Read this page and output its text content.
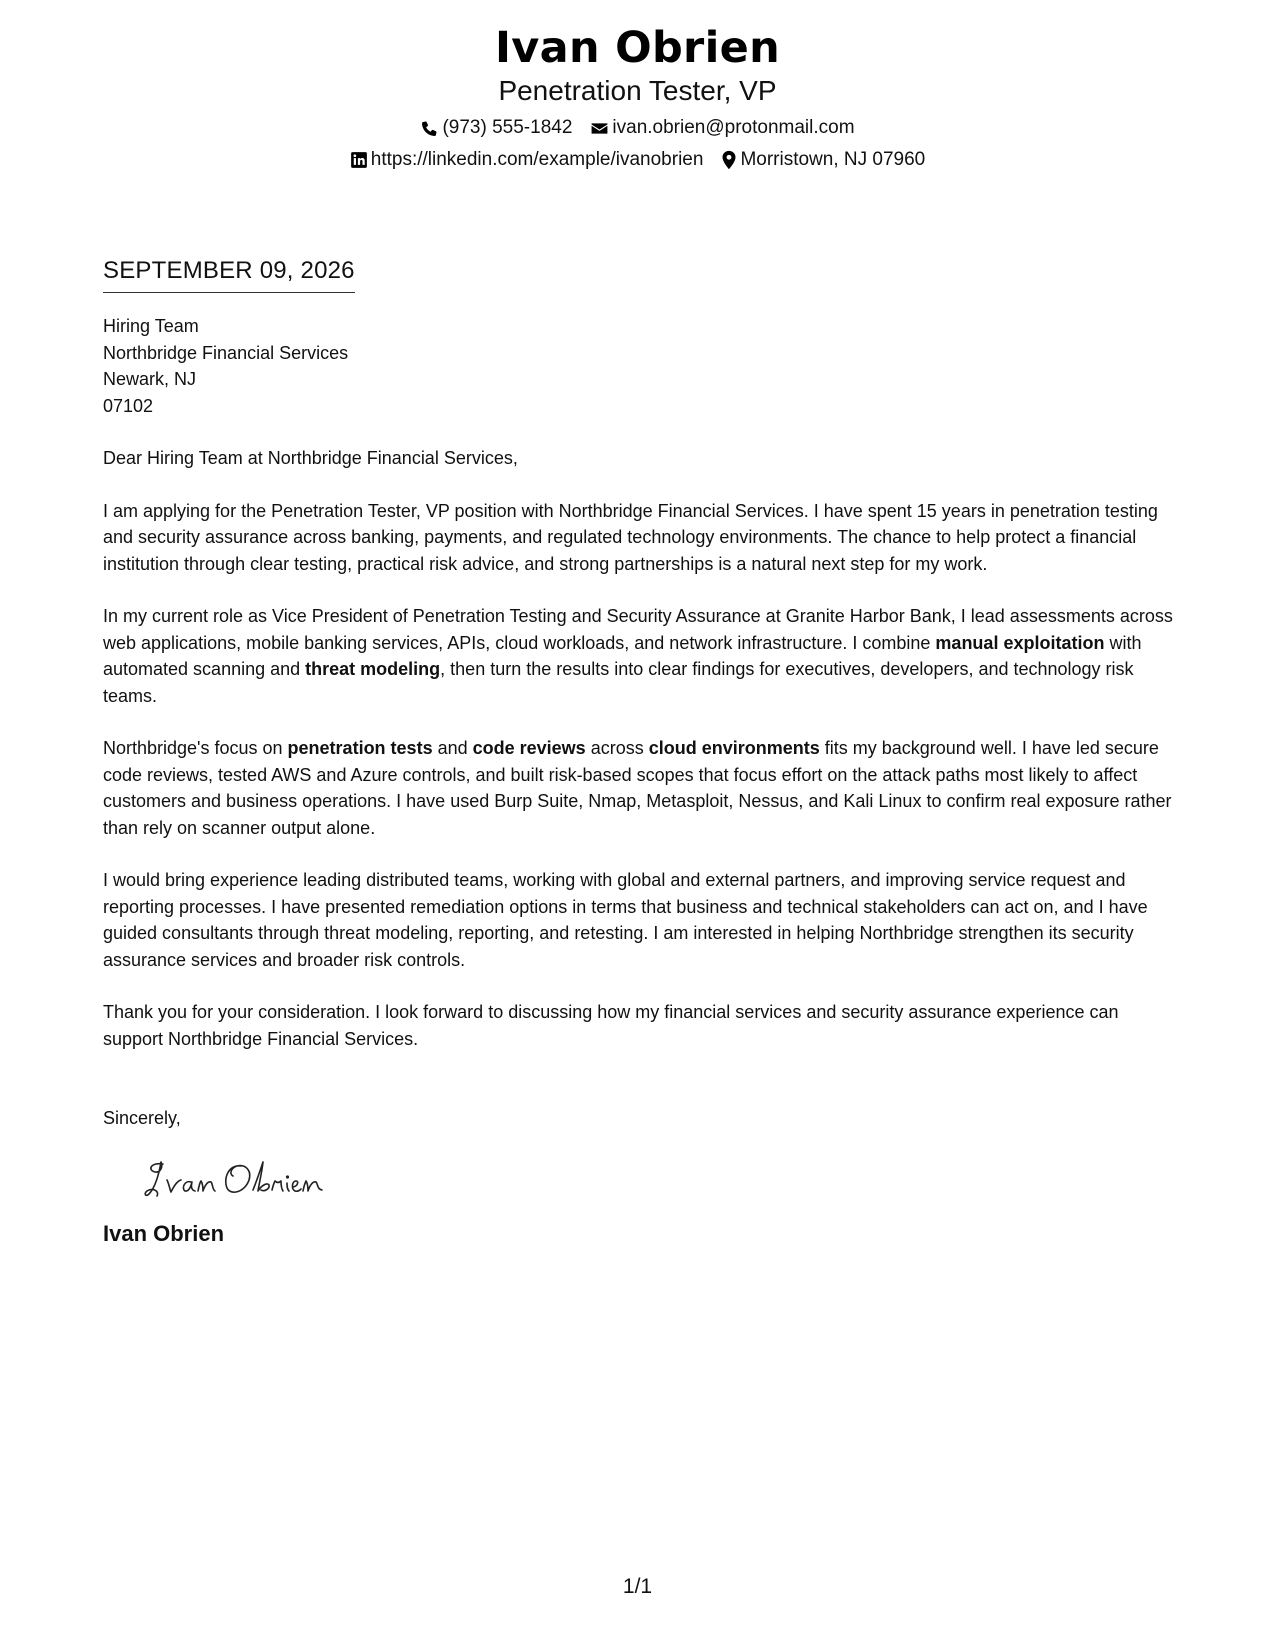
Ivan Obrien
Penetration Tester, VP
(973) 555-1842 ivan.obrien@protonmail.com
https://linkedin.com/example/ivanobrien Morristown, NJ 07960
SEPTEMBER 09, 2026
Hiring Team
Northbridge Financial Services
Newark, NJ
07102

Dear Hiring Team at Northbridge Financial Services,

I am applying for the Penetration Tester, VP position with Northbridge Financial Services. I have spent 15 years in penetration testing and security assurance across banking, payments, and regulated technology environments. The chance to help protect a financial institution through clear testing, practical risk advice, and strong partnerships is a natural next step for my work.

In my current role as Vice President of Penetration Testing and Security Assurance at Granite Harbor Bank, I lead assessments across web applications, mobile banking services, APIs, cloud workloads, and network infrastructure. I combine manual exploitation with automated scanning and threat modeling, then turn the results into clear findings for executives, developers, and technology risk teams.

Northbridge's focus on penetration tests and code reviews across cloud environments fits my background well. I have led secure code reviews, tested AWS and Azure controls, and built risk-based scopes that focus effort on the attack paths most likely to affect customers and business operations. I have used Burp Suite, Nmap, Metasploit, Nessus, and Kali Linux to confirm real exposure rather than rely on scanner output alone.

I would bring experience leading distributed teams, working with global and external partners, and improving service request and reporting processes. I have presented remediation options in terms that business and technical stakeholders can act on, and I have guided consultants through threat modeling, reporting, and retesting. I am interested in helping Northbridge strengthen its security assurance services and broader risk controls.

Thank you for your consideration. I look forward to discussing how my financial services and security assurance experience can support Northbridge Financial Services.

Sincerely,
Ivan Obrien
1/1
